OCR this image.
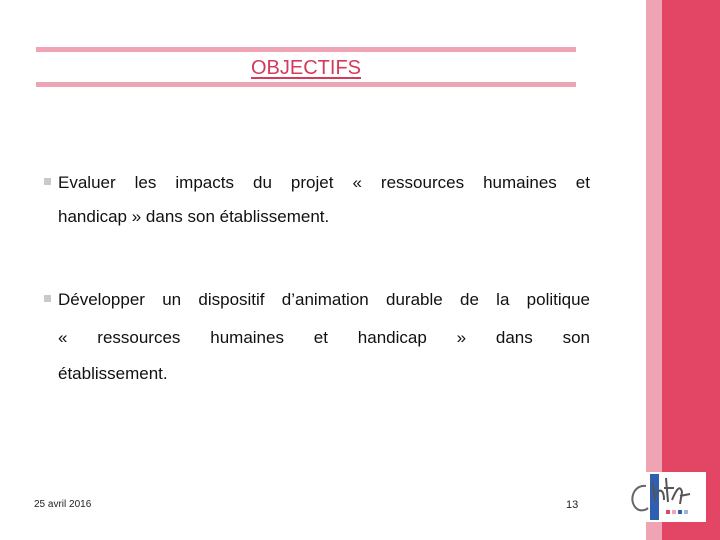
OBJECTIFS
Evaluer les impacts du projet « ressources humaines et
handicap » dans son établissement.
Développer un dispositif d’animation durable de la politique
« ressources humaines et handicap » dans son
établissement.
25 avril 2016	13
